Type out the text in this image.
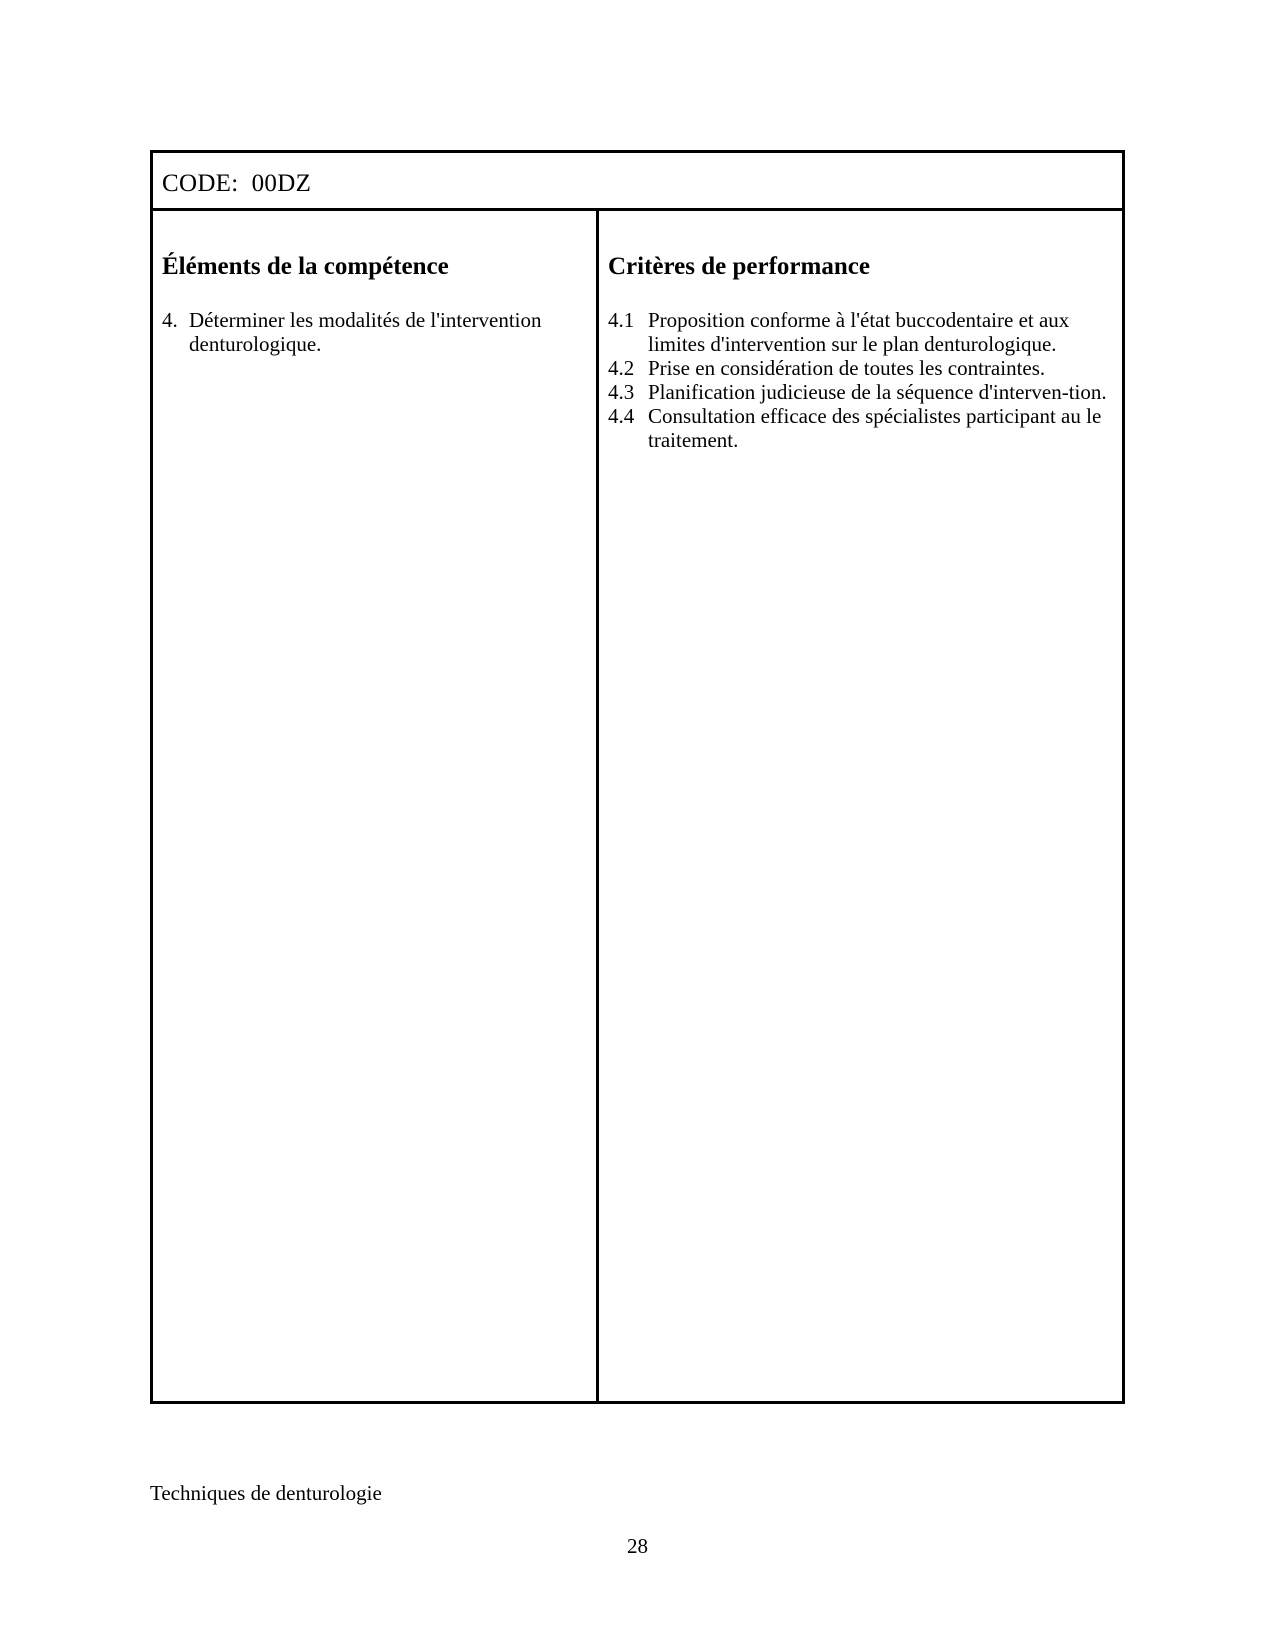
CODE: 00DZ
Éléments de la compétence
4. Déterminer les modalités de l'intervention denturologique.
Critères de performance
4.1 Proposition conforme à l'état buccodentaire et aux limites d'intervention sur le plan denturologique.
4.2 Prise en considération de toutes les contraintes.
4.3 Planification judicieuse de la séquence d'interven-tion.
4.4 Consultation efficace des spécialistes participant au le traitement.
Techniques de denturologie
28
